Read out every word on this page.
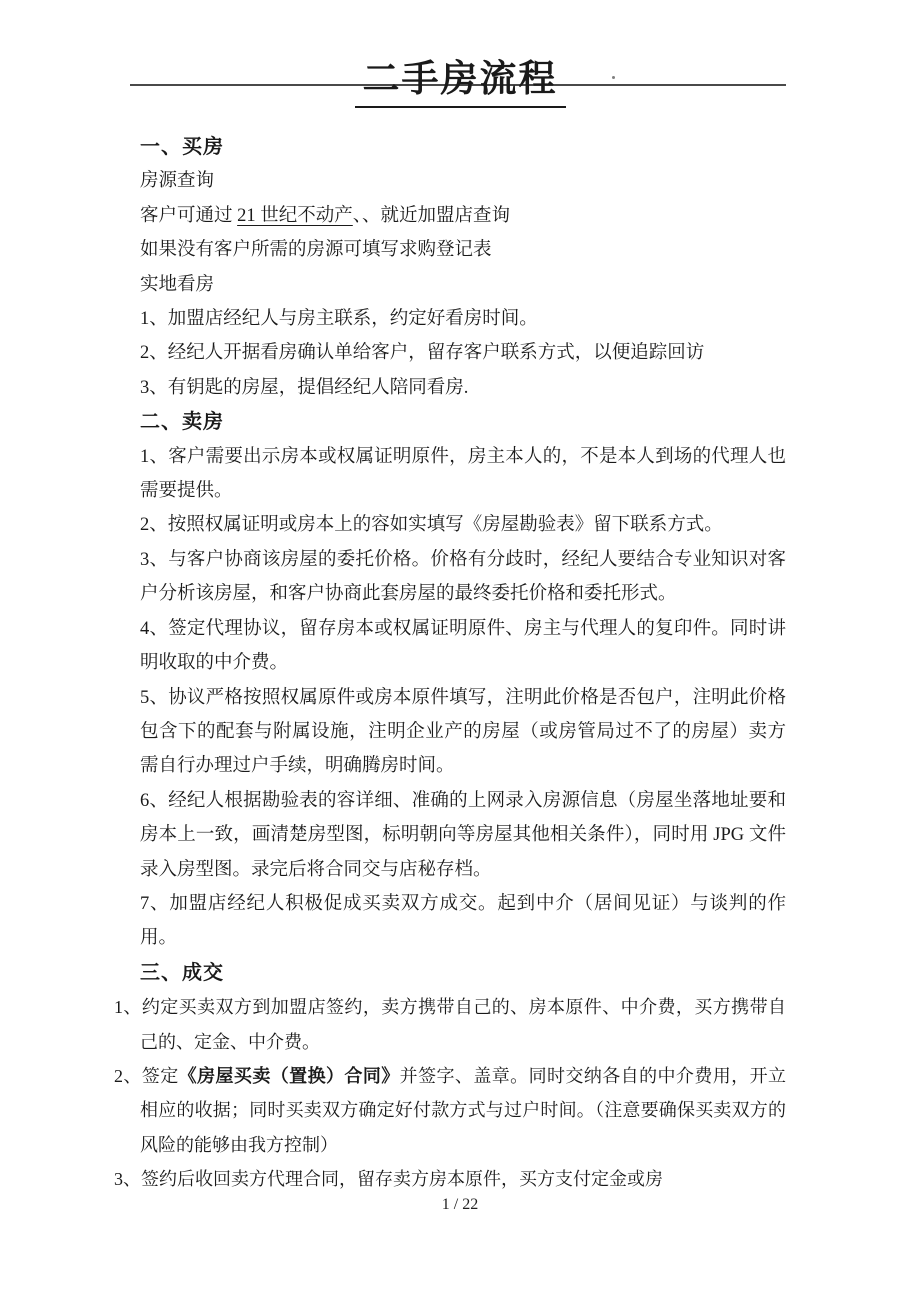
二手房流程

一、买房

房源查询

客户可通过 21 世纪不动产、、就近加盟店查询

如果没有客户所需的房源可填写求购登记表

实地看房

1、加盟店经纪人与房主联系，约定好看房时间。

2、经纪人开据看房确认单给客户，留存客户联系方式，以便追踪回访

3、有钥匙的房屋，提倡经纪人陪同看房.

二、卖房

1、客户需要出示房本或权属证明原件，房主本人的，不是本人到场的代理人也需要提供。

2、按照权属证明或房本上的容如实填写《房屋勘验表》留下联系方式。

3、与客户协商该房屋的委托价格。价格有分歧时，经纪人要结合专业知识对客户分析该房屋，和客户协商此套房屋的最终委托价格和委托形式。

4、签定代理协议，留存房本或权属证明原件、房主与代理人的复印件。同时讲明收取的中介费。

5、协议严格按照权属原件或房本原件填写，注明此价格是否包户，注明此价格包含下的配套与附属设施，注明企业产的房屋（或房管局过不了的房屋）卖方需自行办理过户手续，明确腾房时间。

6、经纪人根据勘验表的容详细、准确的上网录入房源信息（房屋坐落地址要和房本上一致，画清楚房型图，标明朝向等房屋其他相关条件），同时用 JPG 文件录入房型图。录完后将合同交与店秘存档。

7、加盟店经纪人积极促成买卖双方成交。起到中介（居间见证）与谈判的作用。

三、成交

1、约定买卖双方到加盟店签约，卖方携带自己的、房本原件、中介费，买方携带自己的、定金、中介费。

2、签定《房屋买卖（置换）合同》并签字、盖章。同时交纳各自的中介费用，开立相应的收据；同时买卖双方确定好付款方式与过户时间。（注意要确保买卖双方的风险的能够由我方控制）

3、签约后收回卖方代理合同，留存卖方房本原件，买方支付定金或房

1 / 22
